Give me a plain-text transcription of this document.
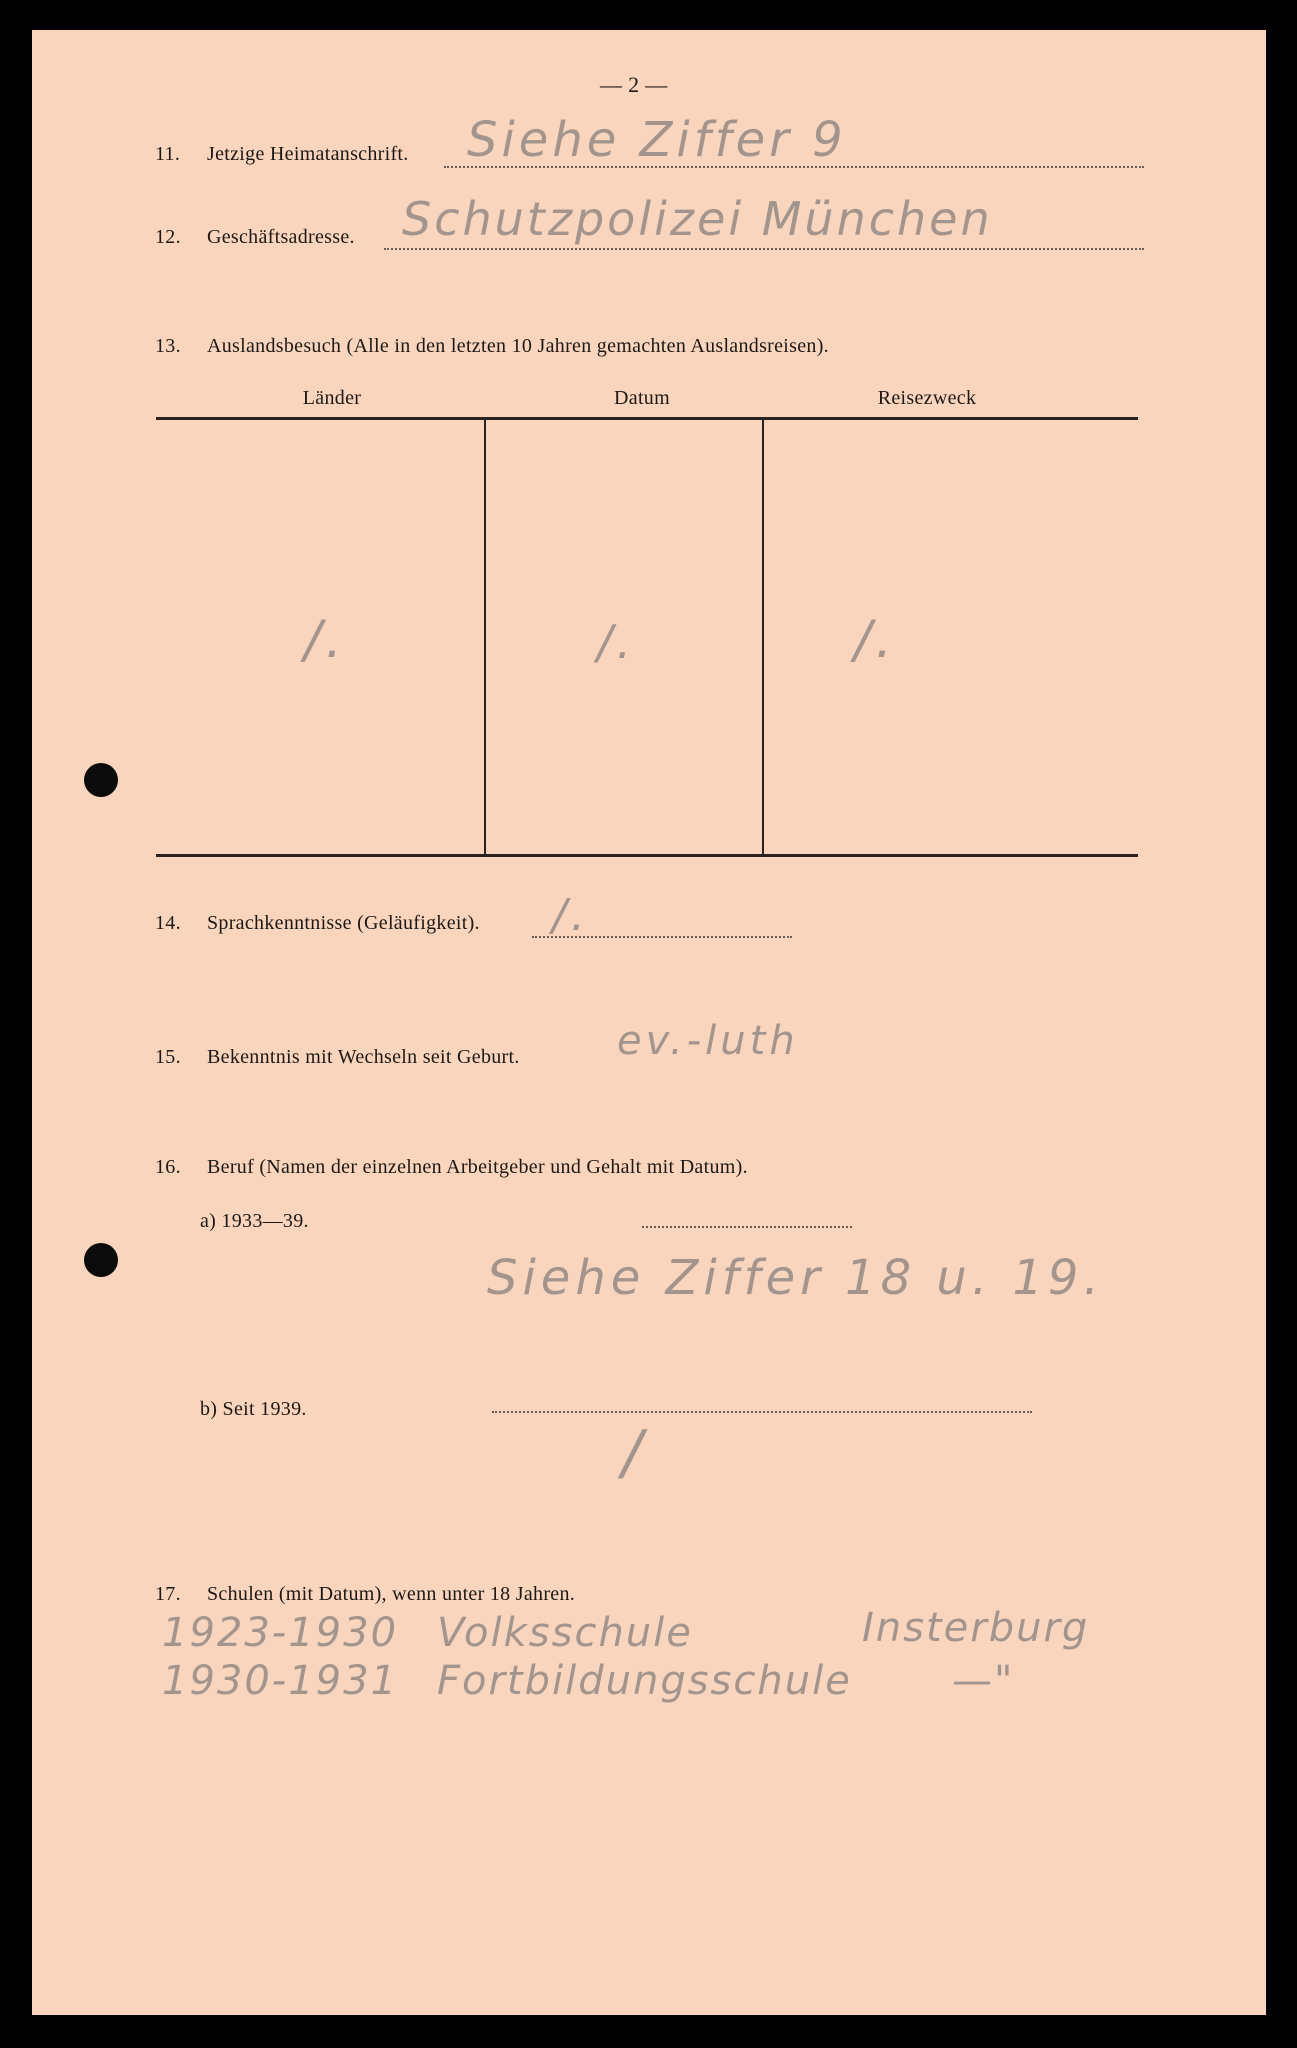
— 2 —
11. Jetzige Heimatanschrift. Siehe Ziffer 9
12. Geschäftsadresse. Schutzpolizei München
13. Auslandsbesuch (Alle in den letzten 10 Jahren gemachten Auslandsreisen).
Länder	Datum	Reisezweck
/.	/.	/.
14. Sprachkenntnisse (Geläufigkeit). /.
15. Bekenntnis mit Wechseln seit Geburt. ev.-luth
16. Beruf (Namen der einzelnen Arbeitgeber und Gehalt mit Datum).
a) 1933—39.
Siehe Ziffer 18 u. 19.
b) Seit 1939.
/
17. Schulen (mit Datum), wenn unter 18 Jahren.
1923-1930 Volksschule	Insterburg
1930-1931 Fortbildungsschule	—"
